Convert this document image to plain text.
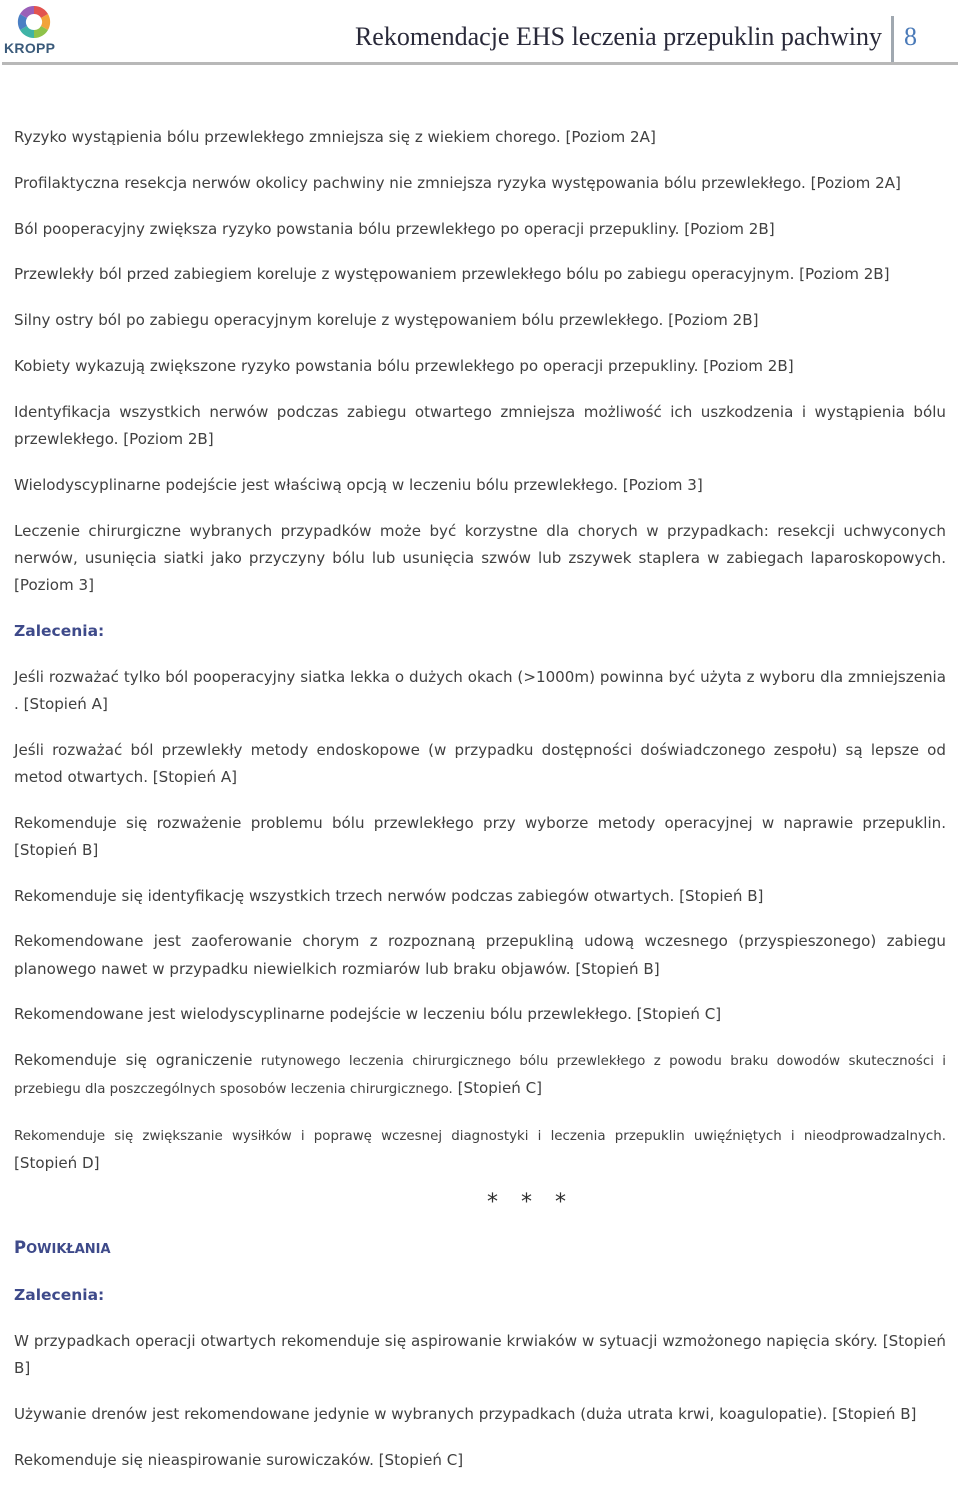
KROPP	Rekomendacje EHS leczenia przepuklin pachwiny 8

Ryzyko wystąpienia bólu przewlekłego zmniejsza się z wiekiem chorego. [Poziom 2A]

Profilaktyczna resekcja nerwów okolicy pachwiny nie zmniejsza ryzyka występowania bólu przewlekłego. [Poziom 2A]

Ból pooperacyjny zwiększa ryzyko powstania bólu przewlekłego po operacji przepukliny. [Poziom 2B]

Przewlekły ból przed zabiegiem koreluje z występowaniem przewlekłego bólu po zabiegu operacyjnym. [Poziom 2B]

Silny ostry ból po zabiegu operacyjnym koreluje z występowaniem bólu przewlekłego. [Poziom 2B]

Kobiety wykazują zwiększone ryzyko powstania bólu przewlekłego po operacji przepukliny. [Poziom 2B]

Identyfikacja wszystkich nerwów podczas zabiegu otwartego zmniejsza możliwość ich uszkodzenia i wystąpienia bólu przewlekłego. [Poziom 2B]

Wielodyscyplinarne podejście jest właściwą opcją w leczeniu bólu przewlekłego. [Poziom 3]

Leczenie chirurgiczne wybranych przypadków może być korzystne dla chorych w przypadkach: resekcji uchwyconych nerwów, usunięcia siatki jako przyczyny bólu lub usunięcia szwów lub zszywek staplera w zabiegach laparoskopowych. [Poziom 3]

Zalecenia:

Jeśli rozważać tylko ból pooperacyjny siatka lekka o dużych okach (>1000m) powinna być użyta z wyboru dla zmniejszenia . [Stopień A]

Jeśli rozważać ból przewlekły metody endoskopowe (w przypadku dostępności doświadczonego zespołu) są lepsze od metod otwartych. [Stopień A]

Rekomenduje się rozważenie problemu bólu przewlekłego przy wyborze metody operacyjnej w naprawie przepuklin. [Stopień B]

Rekomenduje się identyfikację wszystkich trzech nerwów podczas zabiegów otwartych. [Stopień B]

Rekomendowane jest zaoferowanie chorym z rozpoznaną przepukliną udową wczesnego (przyspieszonego) zabiegu planowego nawet w przypadku niewielkich rozmiarów lub braku objawów. [Stopień B]

Rekomendowane jest wielodyscyplinarne podejście w leczeniu bólu przewlekłego. [Stopień C]

Rekomenduje się ograniczenie rutynowego leczenia chirurgicznego bólu przewlekłego z powodu braku dowodów skuteczności i przebiegu dla poszczególnych sposobów leczenia chirurgicznego. [Stopień C]

Rekomenduje się zwiększanie wysiłków i poprawę wczesnej diagnostyki i leczenia przepuklin uwięźniętych i nieodprowadzalnych. [Stopień D]

POWIKŁANIA
Zalecenia:

W przypadkach operacji otwartych rekomenduje się aspirowanie krwiaków w sytuacji wzmożonego napięcia skóry. [Stopień B]

Używanie drenów jest rekomendowane jedynie w wybranych przypadkach (duża utrata krwi, koagulopatie). [Stopień B]

Rekomenduje się nieaspirowanie surowiczaków. [Stopień C]

* * *
